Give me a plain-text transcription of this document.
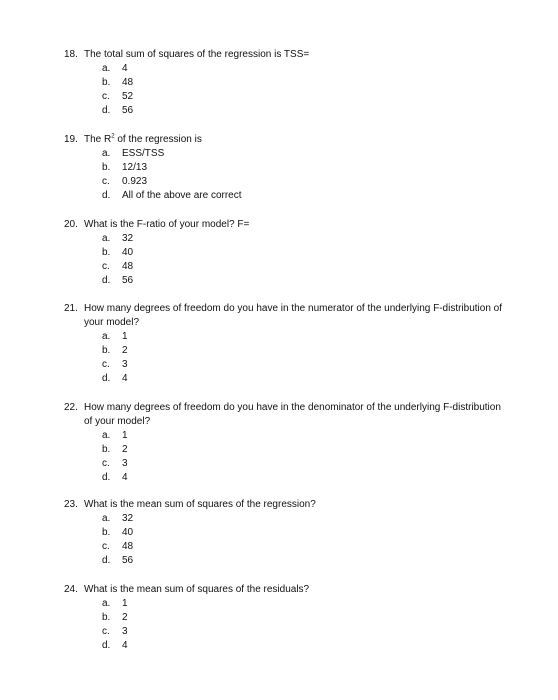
18. The total sum of squares of the regression is TSS=
a. 4
b. 48
c. 52
d. 56
19. The $R^2$ of the regression is
a. ESS/TSS
b. 12/13
c. 0.923
d. All of the above are correct
20. What is the F-ratio of your model? F=
a. 32
b. 40
c. 48
d. 56
21. How many degrees of freedom do you have in the numerator of the underlying F-distribution of
your model?
a. 1
b. 2
c. 3
d. 4
22. How many degrees of freedom do you have in the denominator of the underlying F-distribution
of your model?
a. 1
b. 2
c. 3
d. 4
23. What is the mean sum of squares of the regression?
a. 32
b. 40
c. 48
d. 56
24. What is the mean sum of squares of the residuals?
a. 1
b. 2
c. 3
d. 4
